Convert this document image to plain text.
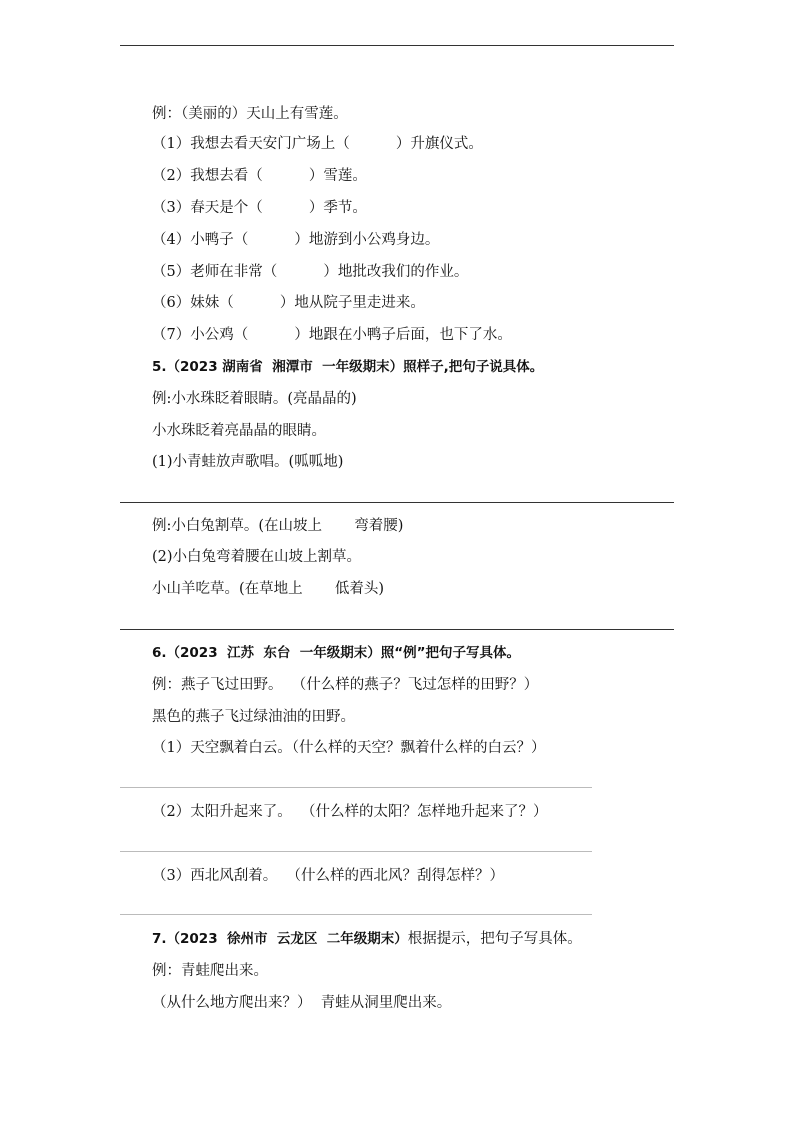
例：（美丽的）天山上有雪莲。
（1）我想去看天安门广场上（          ）升旗仪式。
（2）我想去看（          ）雪莲。
（3）春天是个（          ）季节。
（4）小鸭子（          ）地游到小公鸡身边。
（5）老师在非常（          ）地批改我们的作业。
（6）妹妹（          ）地从院子里走进来。
（7）小公鸡（          ）地跟在小鸭子后面，也下了水。
5.（2023 湖南省  湘潭市  一年级期末）照样子,把句子说具体。
例:小水珠眨着眼睛。(亮晶晶的)
小水珠眨着亮晶晶的眼睛。
(1)小青蛙放声歌唱。(呱呱地)
例:小白兔割草。(在山坡上       弯着腰)
(2)小白兔弯着腰在山坡上割草。
小山羊吃草。(在草地上       低着头)
6.（2023  江苏  东台  一年级期末）照“例”把句子写具体。
例：燕子飞过田野。  （什么样的燕子？飞过怎样的田野？）
黑色的燕子飞过绿油油的田野。
（1）天空飘着白云。（什么样的天空？飘着什么样的白云？）
（2）太阳升起来了。  （什么样的太阳？怎样地升起来了？）
（3）西北风刮着。  （什么样的西北风？刮得怎样？）
7.（2023  徐州市  云龙区  二年级期末）根据提示，把句子写具体。
例：青蛙爬出来。
（从什么地方爬出来？）  青蛙从洞里爬出来。
